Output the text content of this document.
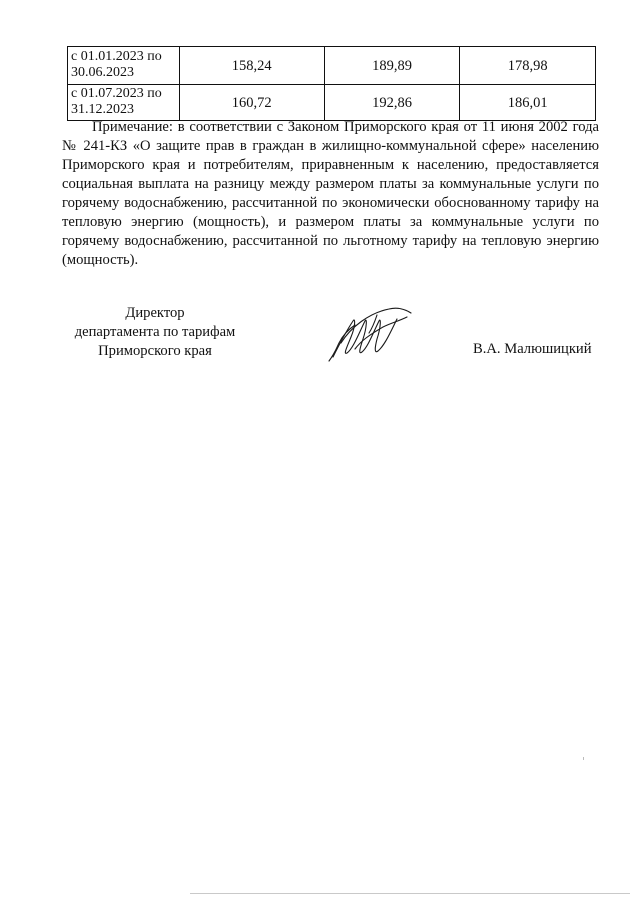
с 01.01.2023 по
30.06.2023	158,24	189,89	178,98
с 01.07.2023 по
31.12.2023	160,72	192,86	186,01

Примечание: в соответствии с Законом Приморского края от 11 июня 2002 года № 241-КЗ «О защите прав в граждан в жилищно-коммунальной сфере» населению Приморского края и потребителям, приравненным к населению, предоставляется социальная выплата на разницу между размером платы за коммунальные услуги по горячему водоснабжению, рассчитанной по экономически обоснованному тарифу на тепловую энергию (мощность), и размером платы за коммунальные услуги по горячему водоснабжению, рассчитанной по льготному тарифу на тепловую энергию (мощность).

Директор
департамента по тарифам
Приморского края	В.А. Малюшицкий
